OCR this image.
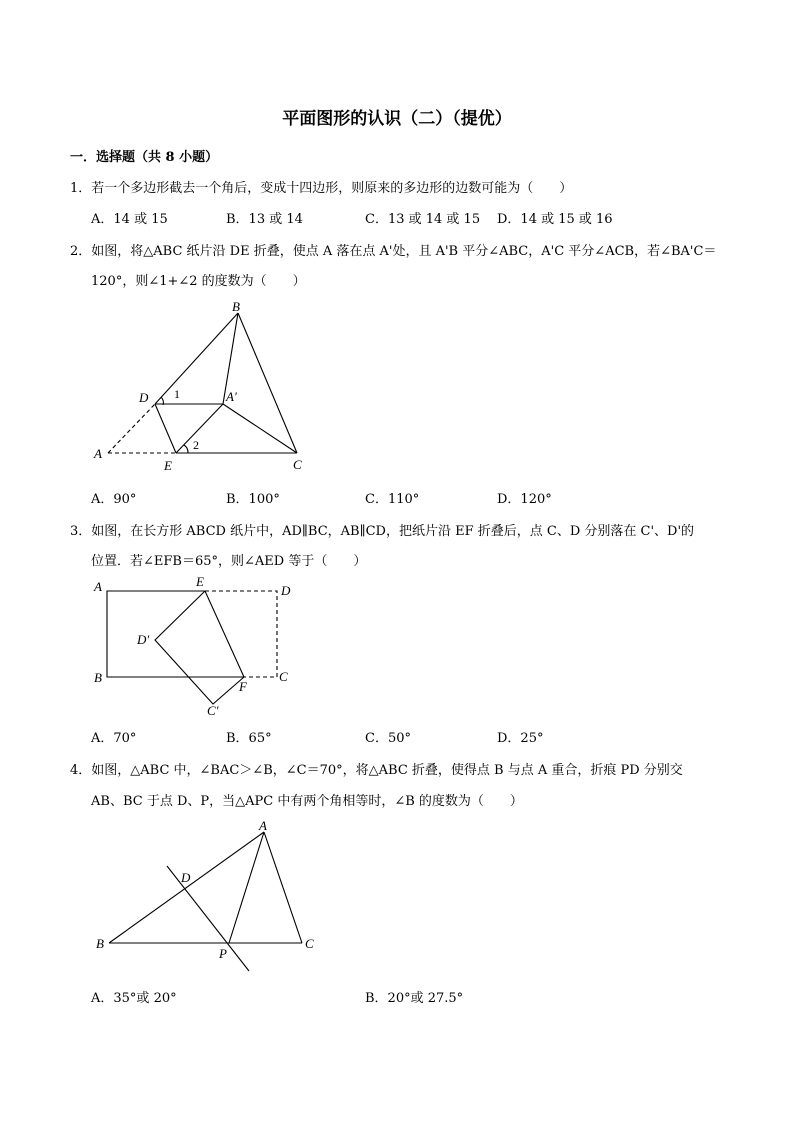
平面图形的认识（二）（提优）
一．选择题（共 8 小题）
1．若一个多边形截去一个角后，变成十四边形，则原来的多边形的边数可能为（　　）
A．14 或 15	B．13 或 14	C．13 或 14 或 15 D．14 或 15 或 16
2．如图，将△ABC 纸片沿 DE 折叠，使点 A 落在点 A'处，且 A'B 平分∠ABC，A'C 平分∠ACB，若∠BA'C＝
120°，则∠1+∠2 的度数为（　　）
B
D	A′
A
E	C
1
2
A．90°	B．100°	C．110°	D．120°
3．如图，在长方形 ABCD 纸片中，AD∥BC，AB∥CD，把纸片沿 EF 折叠后，点 C、D 分别落在 C'、D'的
位置．若∠EFB＝65°，则∠AED 等于（　　）
A	E
D
D′
B
F
C
C′
A．70°	B．65°	C．50°	D．25°
4．如图，△ABC 中，∠BAC＞∠B，∠C＝70°，将△ABC 折叠，使得点 B 与点 A 重合，折痕 PD 分别交
AB、BC 于点 D、P，当△APC 中有两个角相等时，∠B 的度数为（　　）
A
D
B
P
C
A．35°或 20°	B．20°或 27.5°
